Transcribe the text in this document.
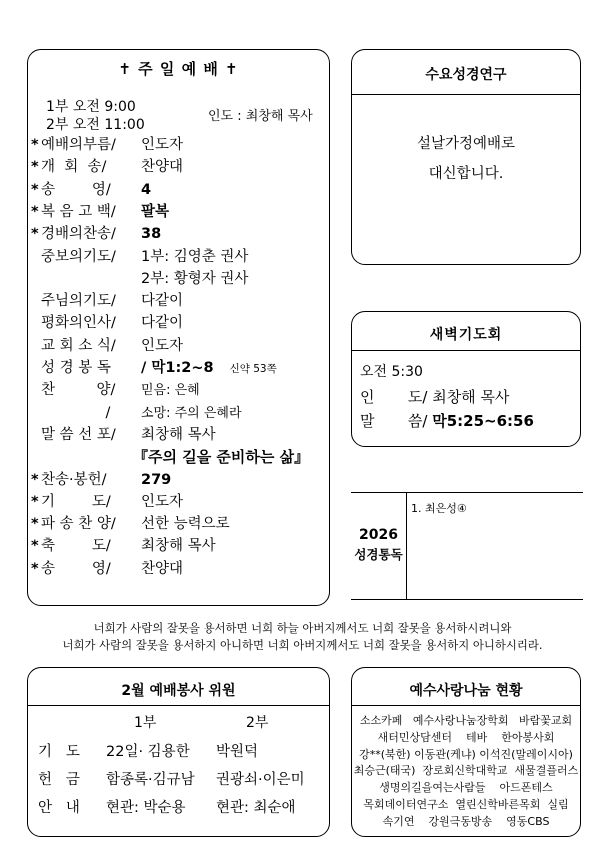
✝ 주 일 예 배 ✝
1부 오전 9:00
2부 오전 11:00
인도 : 최창해 목사
* 예배의부름/ 인도자
* 개  회  송/ 찬양대
* 송        영/ 4
* 복 음 고 백/ 팔복
* 경배의찬송/ 38
중보의기도/ 1부: 김영춘 권사
2부: 황형자 권사
주님의기도/ 다같이
평화의인사/ 다같이
교 회 소 식/ 인도자
성 경 봉 독 / 막1:2~8 신약 53쪽
찬         양/ 믿음: 은혜
/ 소망: 주의 은혜라
말 씀 선 포/ 최창해 목사
『주의 길을 준비하는 삶』
* 찬송·봉헌/ 279
* 기        도/ 인도자
* 파 송 찬 양/ 선한 능력으로
* 축        도/ 최창해 목사
* 송        영/ 찬양대
수요성경연구
설날가정예배로
대신합니다.
새벽기도회
오전 5:30
인       도/ 최창해 목사
말       씀/ 막5:25~6:56
2026
성경통독
1. 최은성④
너희가 사람의 잘못을 용서하면 너희 하늘 아버지께서도 너희 잘못을 용서하시려니와
너희가 사람의 잘못을 용서하지 아니하면 너희 아버지께서도 너희 잘못을 용서하지 아니하시리라.
2월 예배봉사 위원
1부	2부
기   도 22일· 김용한 박원덕
헌   금 함종록·김규남 권광쇠·이은미
안   내 현관: 박순용 현관: 최순애
예수사랑나눔 현황
소소카페   예수사랑나눔장학회   바람꽃교회
새터민상담센터    테바    한아봉사회
강**(북한) 이동관(케냐) 이석진(말레이시아)
최승근(태국)  장로회신학대학교  새물결플러스
생명의길을여는사람들    아드폰테스
목회데이터연구소  열린신학바른목회  실림
속기연    강원극동방송    영동CBS
